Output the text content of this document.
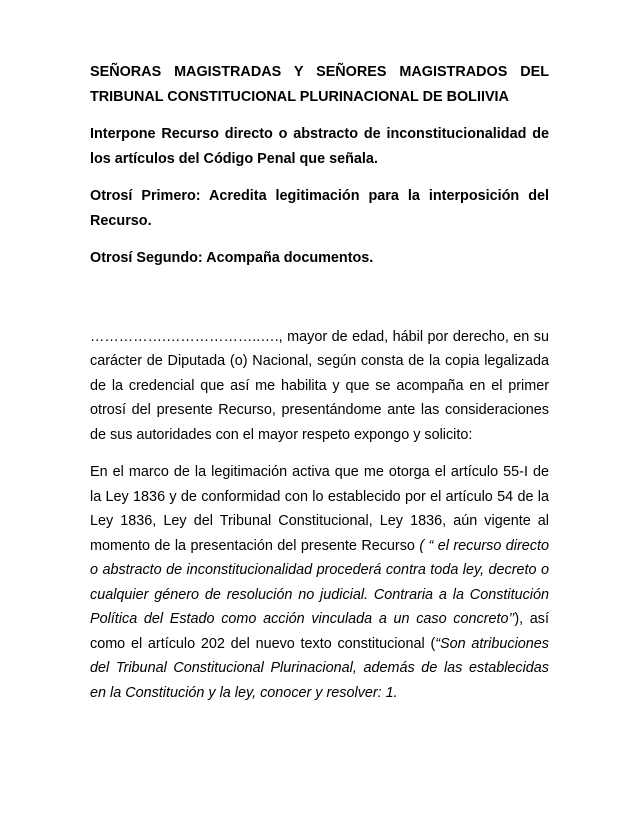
SEÑORAS MAGISTRADAS Y SEÑORES MAGISTRADOS DEL TRIBUNAL CONSTITUCIONAL PLURINACIONAL DE BOLIIVIA

Interpone Recurso directo o abstracto de inconstitucionalidad de los artículos del Código Penal que señala.

Otrosí Primero: Acredita legitimación para la interposición del Recurso.

Otrosí Segundo: Acompaña documentos.

…………….………………..…., mayor de edad, hábil por derecho, en su carácter de Diputada (o) Nacional, según consta de la copia legalizada de la credencial que así me habilita y que se acompaña en el primer otrosí del presente Recurso, presentándome ante las consideraciones de sus autoridades con el mayor respeto expongo y solicito:

En el marco de la legitimación activa que me otorga el artículo 55-I de la Ley 1836 y de conformidad con lo establecido por el artículo 54 de la Ley 1836, Ley del Tribunal Constitucional, Ley 1836, aún vigente al momento de la presentación del presente Recurso ( “ el recurso directo o abstracto de inconstitucionalidad procederá contra toda ley, decreto o cualquier género de resolución no judicial. Contraria a la Constitución Política del Estado como acción vinculada a un caso concreto’’), así como el artículo 202 del nuevo texto constitucional (“Son atribuciones del Tribunal Constitucional Plurinacional, además de las establecidas en la Constitución y la ley, conocer y resolver: 1.
